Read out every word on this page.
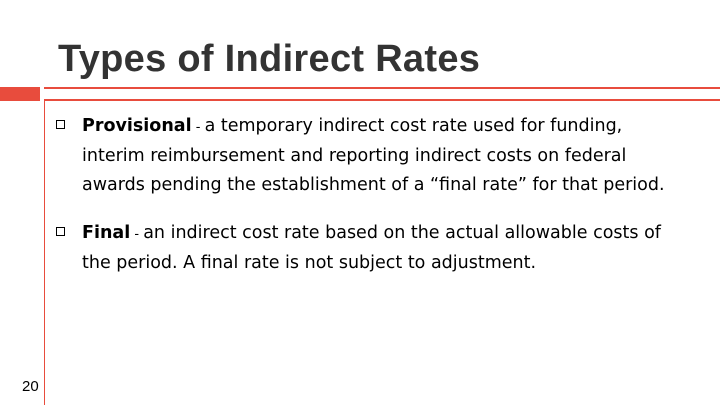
Types of Indirect Rates
Provisional - a temporary indirect cost rate used for funding, interim reimbursement and reporting indirect costs on federal awards pending the establishment of a “final rate” for that period.
Final - an indirect cost rate based on the actual allowable costs of the period. A final rate is not subject to adjustment.
20
